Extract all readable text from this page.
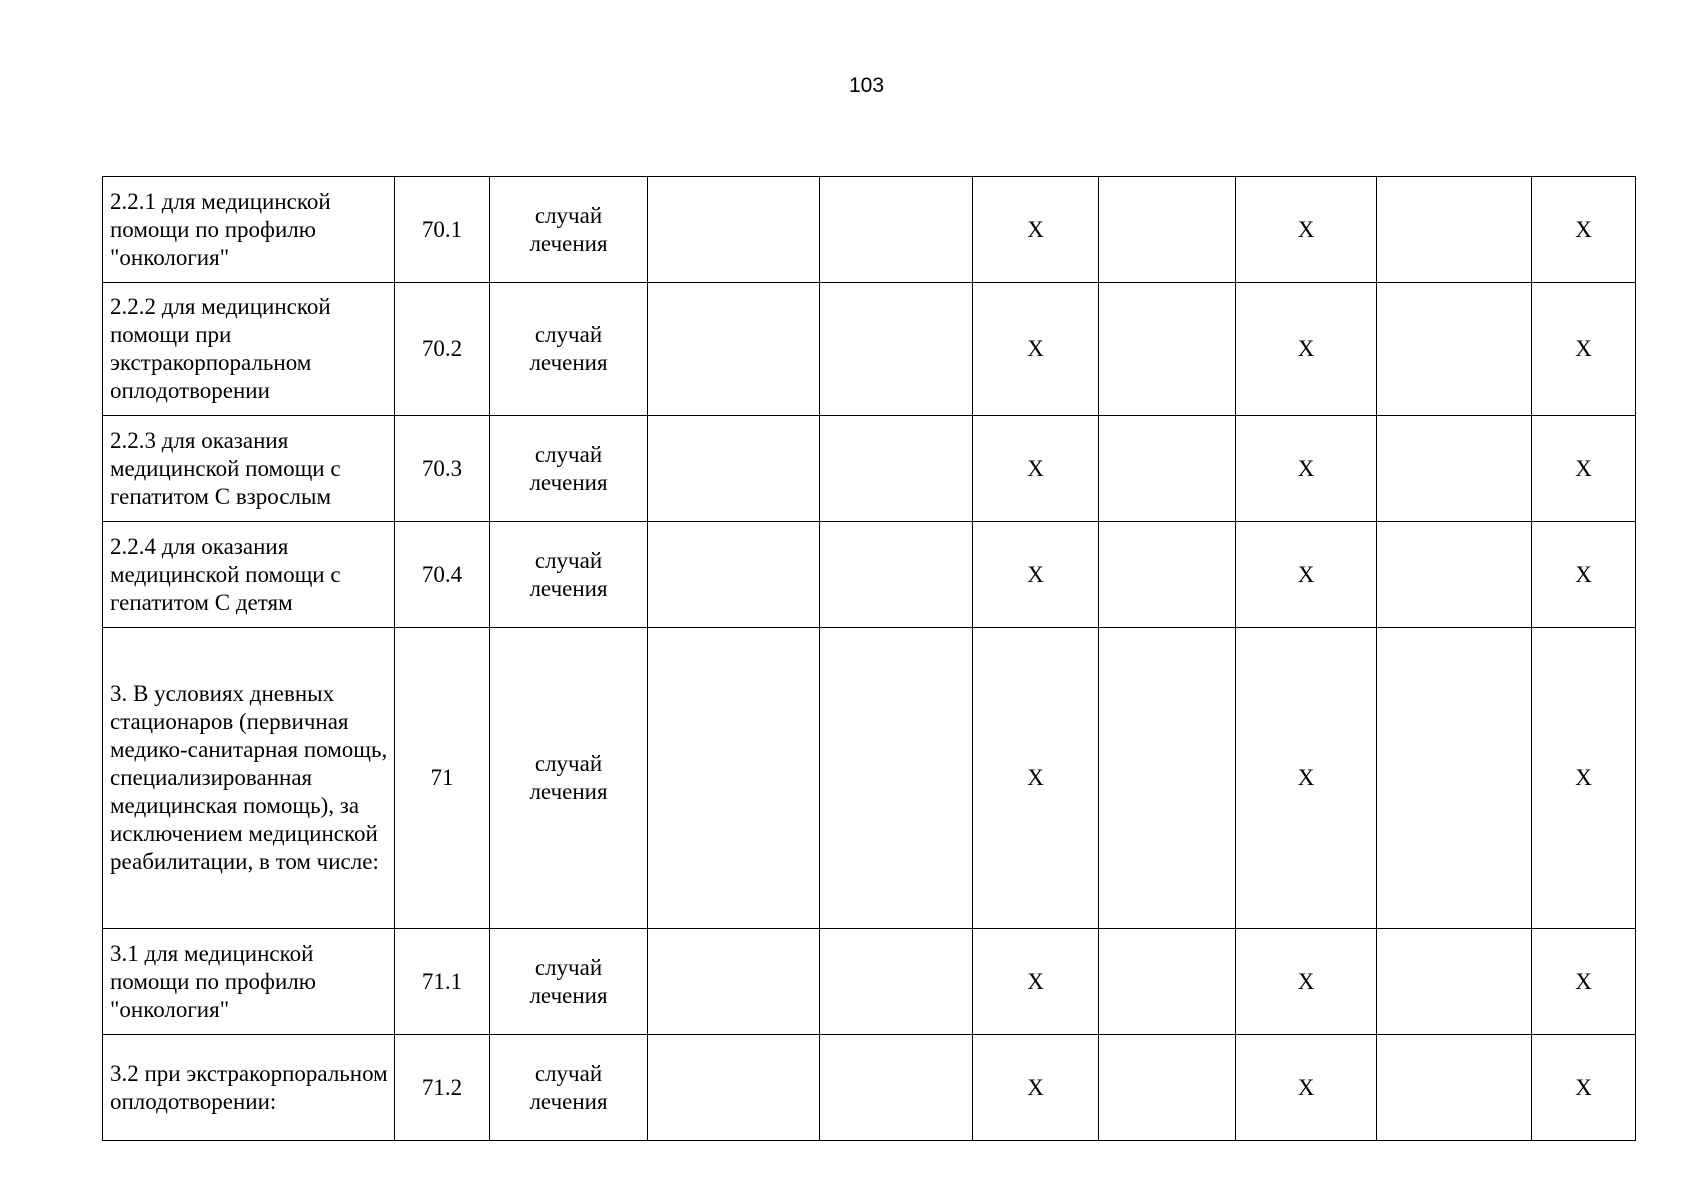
103
2.2.1 для медицинской помощи по профилю "онкология"	70.1	случай лечения			X		X		X
2.2.2 для медицинской помощи при экстракорпоральном оплодотворении	70.2	случай лечения			X		X		X
2.2.3 для оказания медицинской помощи с гепатитом С взрослым	70.3	случай лечения			X		X		X
2.2.4 для оказания медицинской помощи с гепатитом С детям	70.4	случай лечения			X		X		X
3. В условиях дневных стационаров (первичная медико-санитарная помощь, специализированная медицинская помощь), за исключением медицинской реабилитации, в том числе:	71	случай лечения			X		X		X
3.1 для медицинской помощи по профилю "онкология"	71.1	случай лечения			X		X		X
3.2 при экстракорпоральном оплодотворении:	71.2	случай лечения			X		X		X
